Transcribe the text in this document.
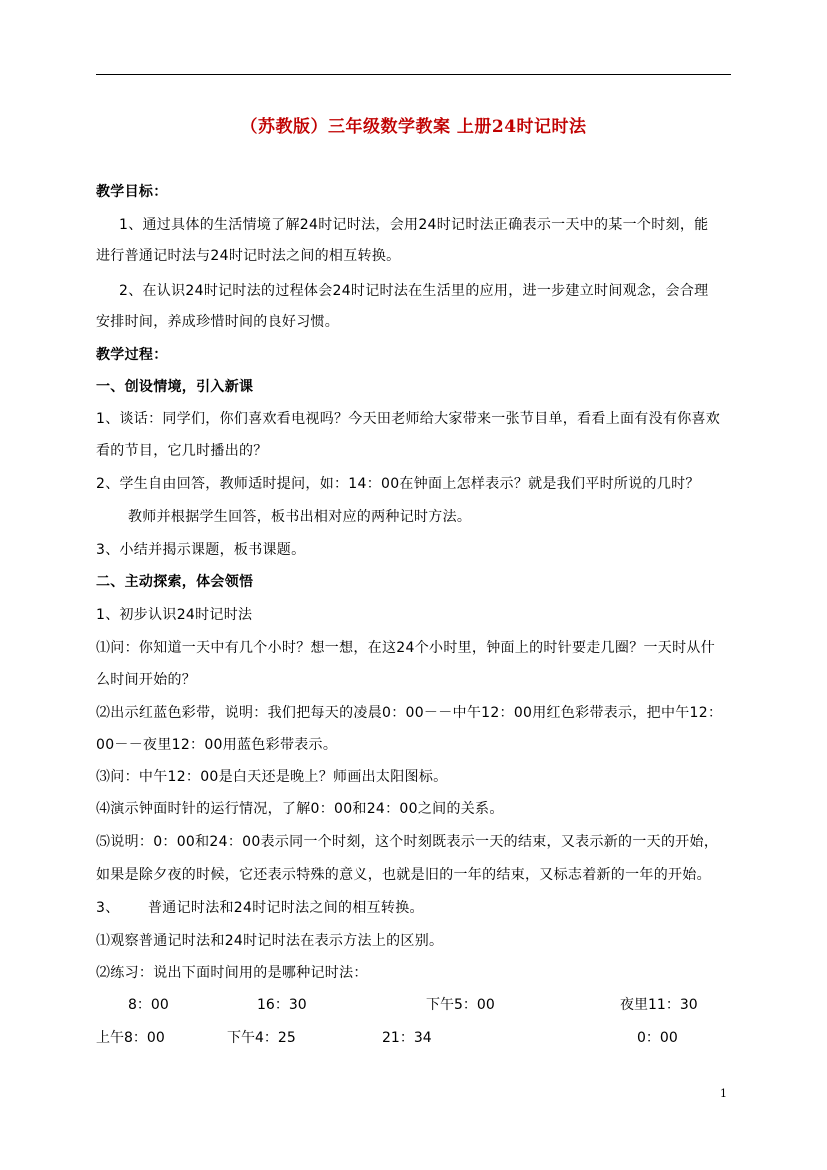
（苏教版）三年级数学教案 上册24时记时法
教学目标：
1、通过具体的生活情境了解24时记时法，会用24时记时法正确表示一天中的某一个时刻，能
进行普通记时法与24时记时法之间的相互转换。
2、在认识24时记时法的过程体会24时记时法在生活里的应用，进一步建立时间观念，会合理
安排时间，养成珍惜时间的良好习惯。
教学过程：
一、创设情境，引入新课
1、谈话：同学们，你们喜欢看电视吗？今天田老师给大家带来一张节目单，看看上面有没有你喜欢
看的节目，它几时播出的？
2、学生自由回答，教师适时提问，如：14：00在钟面上怎样表示？就是我们平时所说的几时？
教师并根据学生回答，板书出相对应的两种记时方法。
3、小结并揭示课题，板书课题。
二、主动探索，体会领悟
1、初步认识24时记时法
⑴问：你知道一天中有几个小时？想一想，在这24个小时里，钟面上的时针要走几圈？一天时从什
么时间开始的？
⑵出示红蓝色彩带，说明：我们把每天的凌晨0：00－－中午12：00用红色彩带表示，把中午12：
00－－夜里12：00用蓝色彩带表示。
⑶问：中午12：00是白天还是晚上？师画出太阳图标。
⑷演示钟面时针的运行情况，了解0：00和24：00之间的关系。
⑸说明：0：00和24：00表示同一个时刻，这个时刻既表示一天的结束，又表示新的一天的开始，
如果是除夕夜的时候，它还表示特殊的意义，也就是旧的一年的结束，又标志着新的一年的开始。
3、	普通记时法和24时记时法之间的相互转换。
⑴观察普通记时法和24时记时法在表示方法上的区别。
⑵练习：说出下面时间用的是哪种记时法：
8：00	16：30	下午5：00	夜里11：30
上午8：00	下午4：25	21：34	0：00
1
